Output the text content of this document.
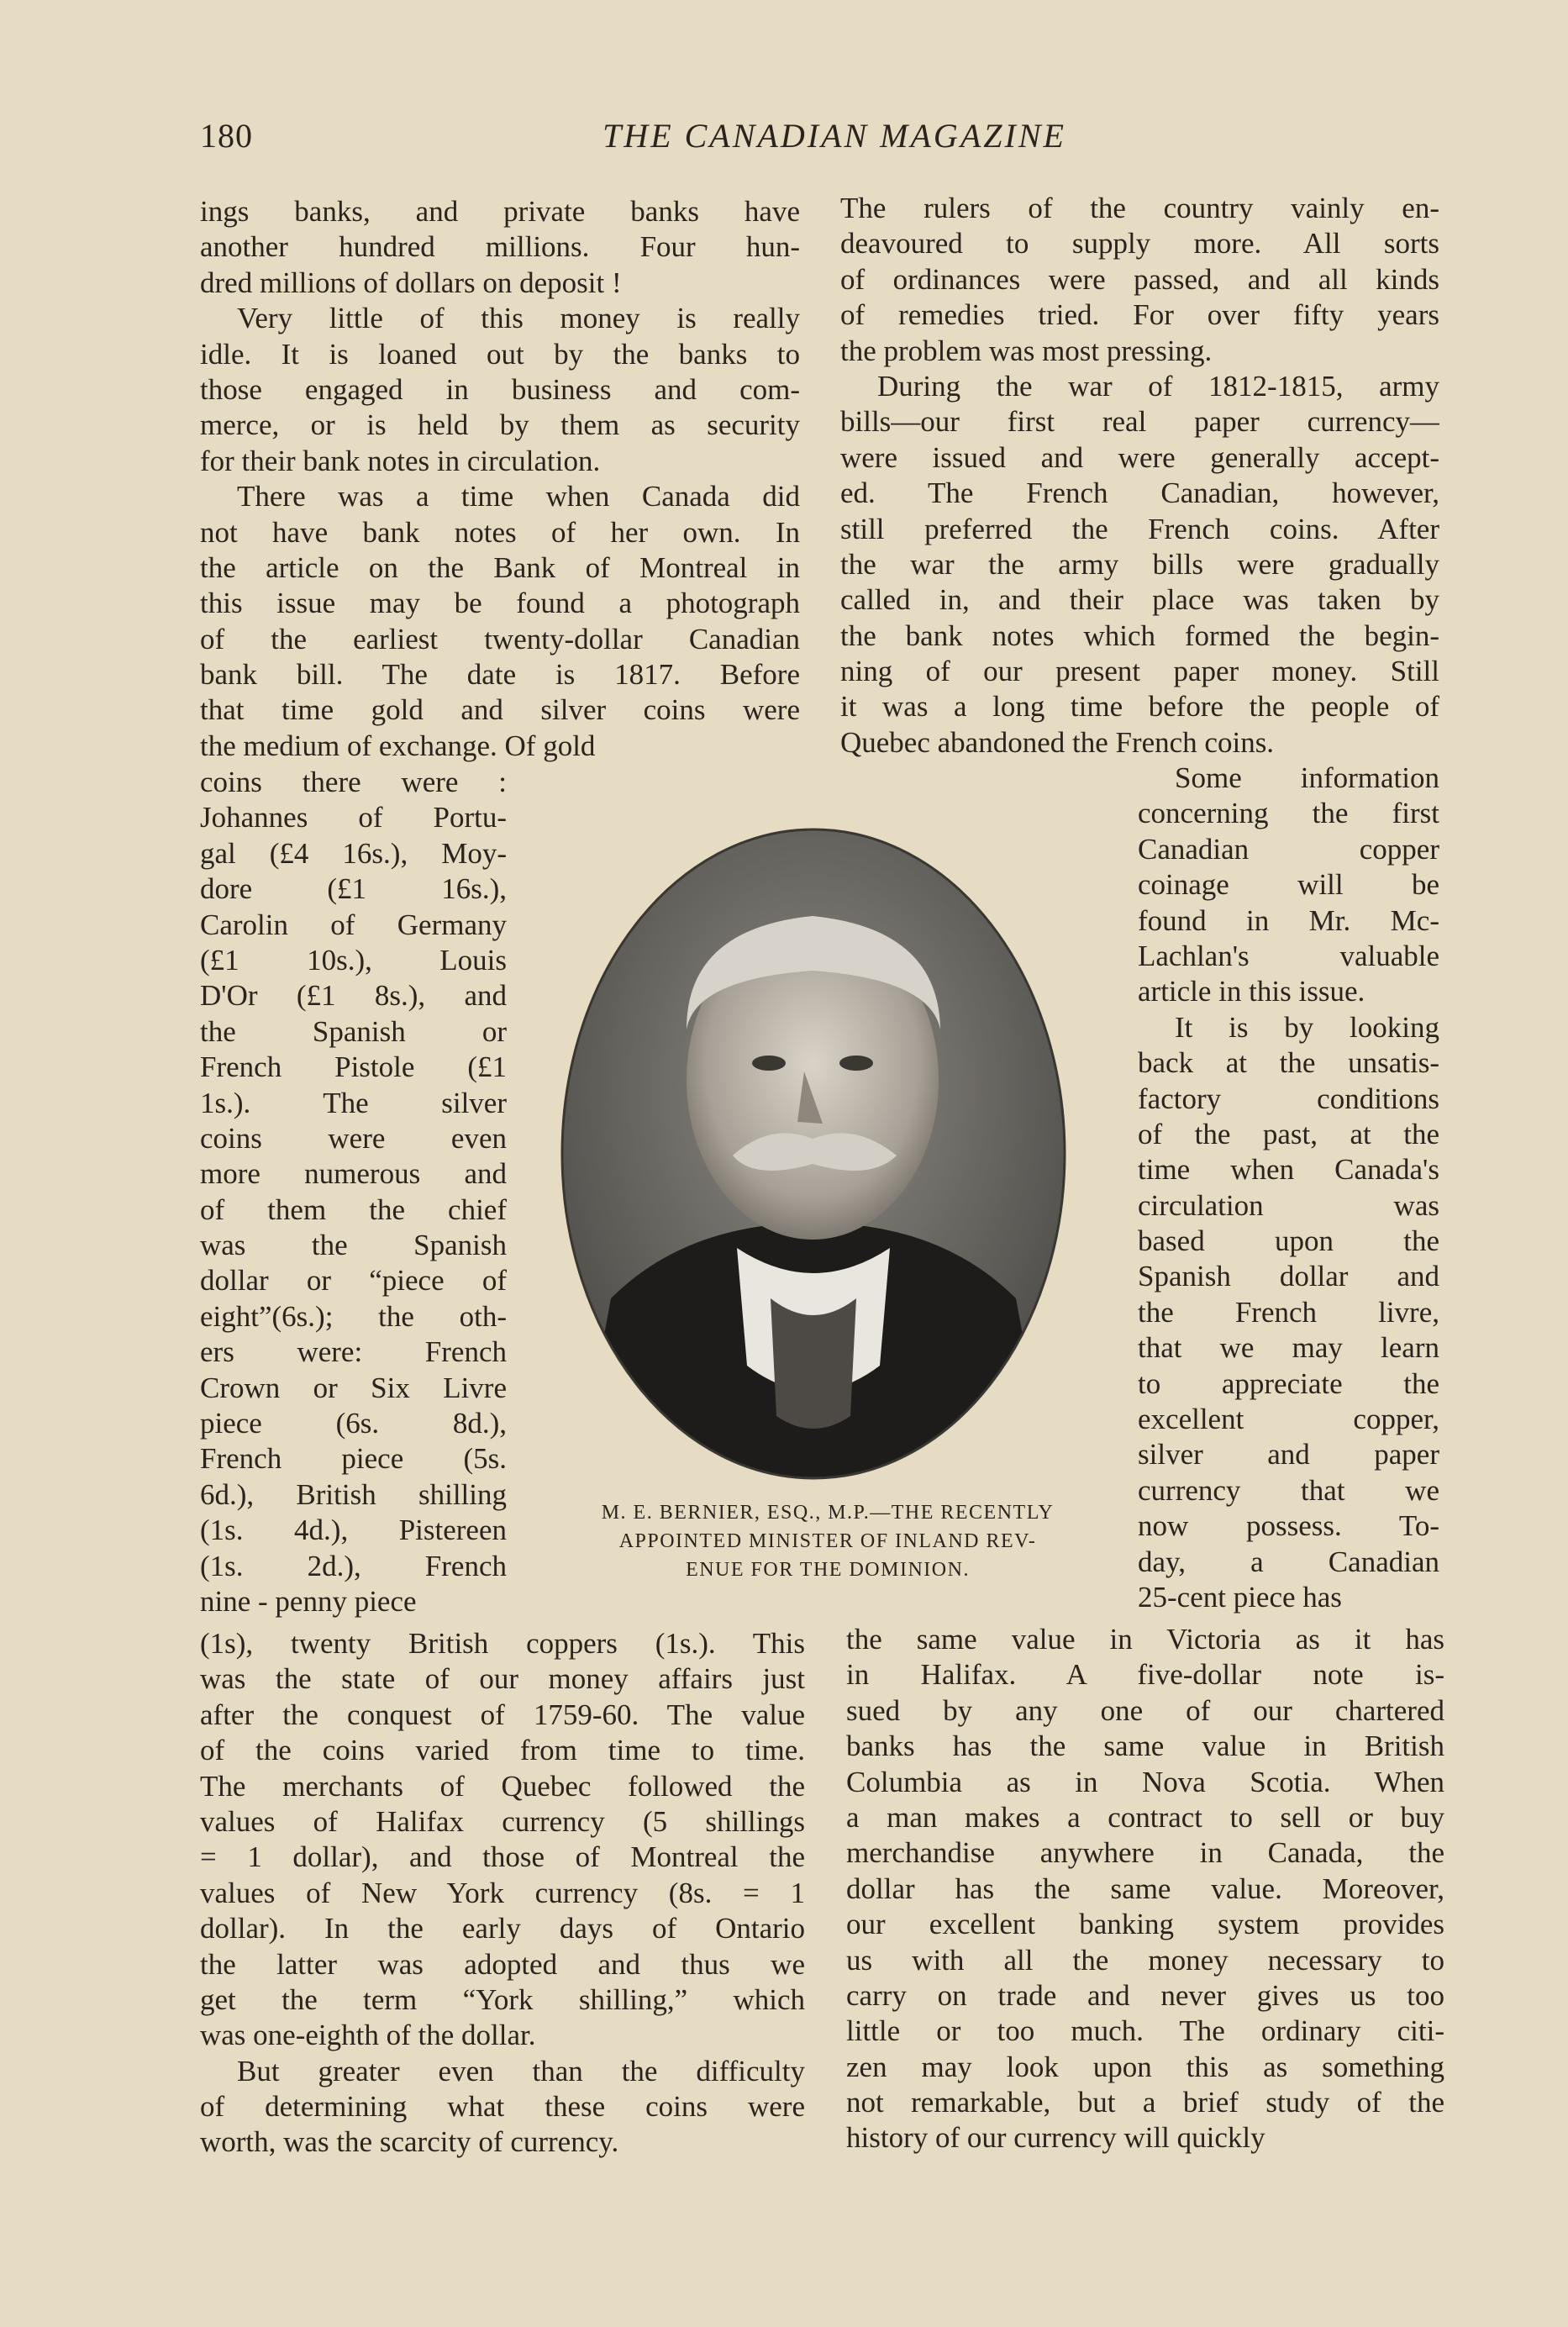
180	THE CANADIAN MAGAZINE
ings banks, and private banks have
another hundred millions. Four hun-
dred millions of dollars on deposit !
Very little of this money is really
idle. It is loaned out by the banks to
those engaged in business and com-
merce, or is held by them as security
for their bank notes in circulation.
There was a time when Canada did
not have bank notes of her own. In
the article on the Bank of Montreal in
this issue may be found a photograph
of the earliest twenty-dollar Canadian
bank bill. The date is 1817. Before
that time gold and silver coins were
the medium of exchange. Of gold
coins there were :
Johannes of Portu-
gal (£4 16s.), Moy-
dore (£1 16s.),
Carolin of Germany
(£1 10s.), Louis
D'Or (£1 8s.), and
the Spanish or
French Pistole (£1
1s.). The silver
coins were even
more numerous and
of them the chief
was the Spanish
dollar or “piece of
eight”(6s.); the oth-
ers were: French
Crown or Six Livre
piece (6s. 8d.),
French piece (5s.
6d.), British shilling
(1s. 4d.), Pistereen
(1s. 2d.), French
nine - penny piece
(1s), twenty British coppers (1s.). This
was the state of our money affairs just
after the conquest of 1759-60. The value
of the coins varied from time to time.
The merchants of Quebec followed the
values of Halifax currency (5 shillings
= 1 dollar), and those of Montreal the
values of New York currency (8s. = 1
dollar). In the early days of Ontario
the latter was adopted and thus we
get the term “York shilling,” which
was one-eighth of the dollar.
But greater even than the difficulty
of determining what these coins were
worth, was the scarcity of currency.
The rulers of the country vainly en-
deavoured to supply more. All sorts
of ordinances were passed, and all kinds
of remedies tried. For over fifty years
the problem was most pressing.
During the war of 1812-1815, army
bills—our first real paper currency—
were issued and were generally accept-
ed. The French Canadian, however,
still preferred the French coins. After
the war the army bills were gradually
called in, and their place was taken by
the bank notes which formed the begin-
ning of our present paper money. Still
it was a long time before the people of
Quebec abandoned the French coins.
Some information
concerning the first
Canadian copper
coinage will be
found in Mr. Mc-
Lachlan's valuable
article in this issue.
It is by looking
back at the unsatis-
factory conditions
of the past, at the
time when Canada's
circulation was
based upon the
Spanish dollar and
the French livre,
that we may learn
to appreciate the
excellent copper,
silver and paper
currency that we
now possess. To-
day, a Canadian
25-cent piece has
the same value in Victoria as it has
in Halifax. A five-dollar note is-
sued by any one of our chartered
banks has the same value in British
Columbia as in Nova Scotia. When
a man makes a contract to sell or buy
merchandise anywhere in Canada, the
dollar has the same value. Moreover,
our excellent banking system provides
us with all the money necessary to
carry on trade and never gives us too
little or too much. The ordinary citi-
zen may look upon this as something
not remarkable, but a brief study of the
history of our currency will quickly
M. E. BERNIER, ESQ., M.P.—THE RECENTLY
APPOINTED MINISTER OF INLAND REV-
ENUE FOR THE DOMINION.
